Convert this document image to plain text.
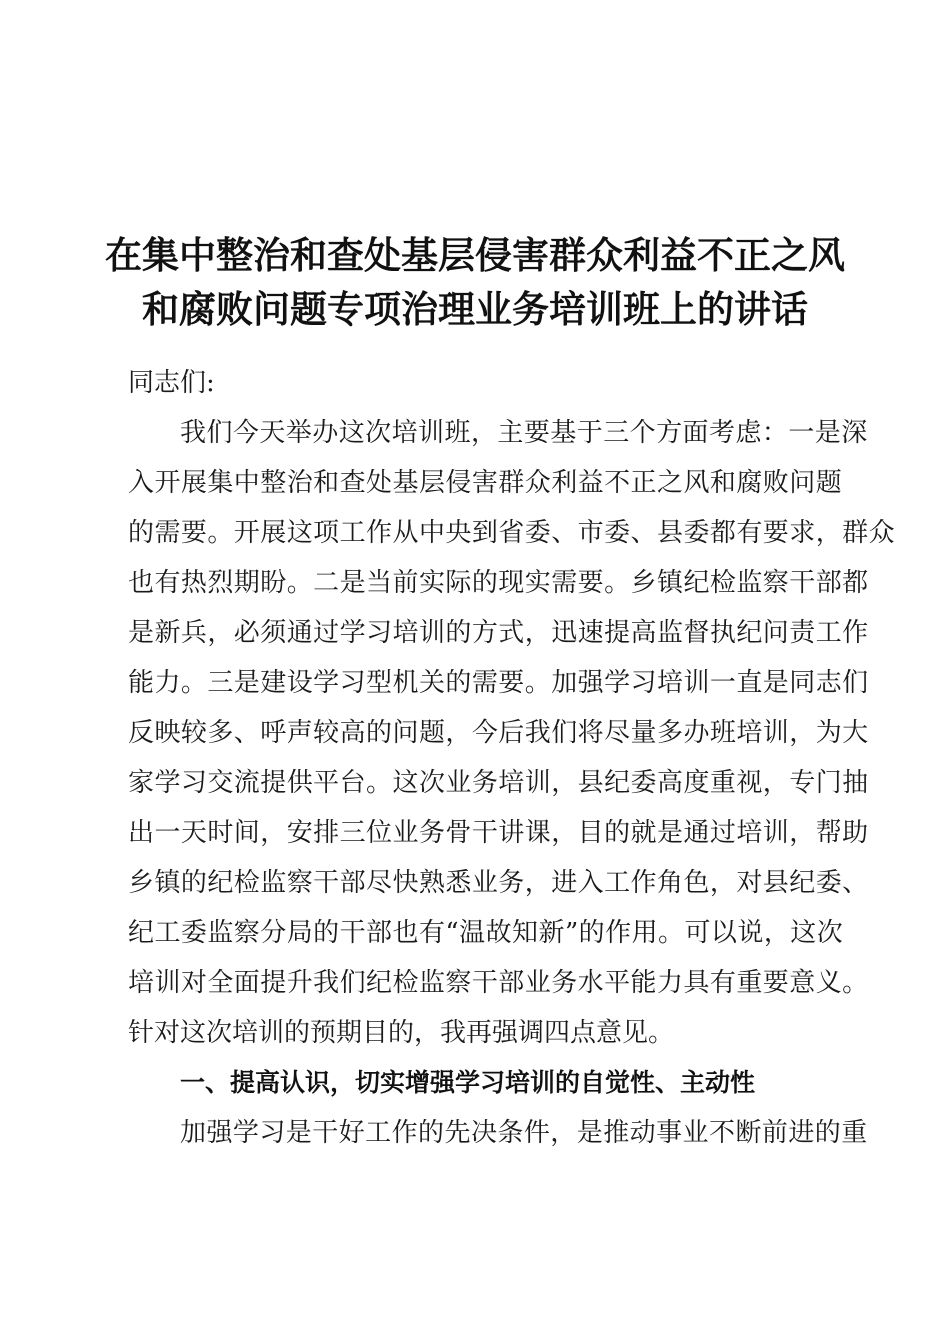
在集中整治和查处基层侵害群众利益不正之风
和腐败问题专项治理业务培训班上的讲话

同志们:

我们今天举办这次培训班，主要基于三个方面考虑：一是深
入开展集中整治和查处基层侵害群众利益不正之风和腐败问题
的需要。开展这项工作从中央到省委、市委、县委都有要求，群众
也有热烈期盼。二是当前实际的现实需要。乡镇纪检监察干部都
是新兵，必须通过学习培训的方式，迅速提高监督执纪问责工作
能力。三是建设学习型机关的需要。加强学习培训一直是同志们
反映较多、呼声较高的问题，今后我们将尽量多办班培训，为大
家学习交流提供平台。这次业务培训，县纪委高度重视，专门抽
出一天时间，安排三位业务骨干讲课，目的就是通过培训，帮助
乡镇的纪检监察干部尽快熟悉业务，进入工作角色，对县纪委、
纪工委监察分局的干部也有“温故知新”的作用。可以说，这次
培训对全面提升我们纪检监察干部业务水平能力具有重要意义。
针对这次培训的预期目的，我再强调四点意见。

一、提高认识，切实增强学习培训的自觉性、主动性

加强学习是干好工作的先决条件，是推动事业不断前进的重
